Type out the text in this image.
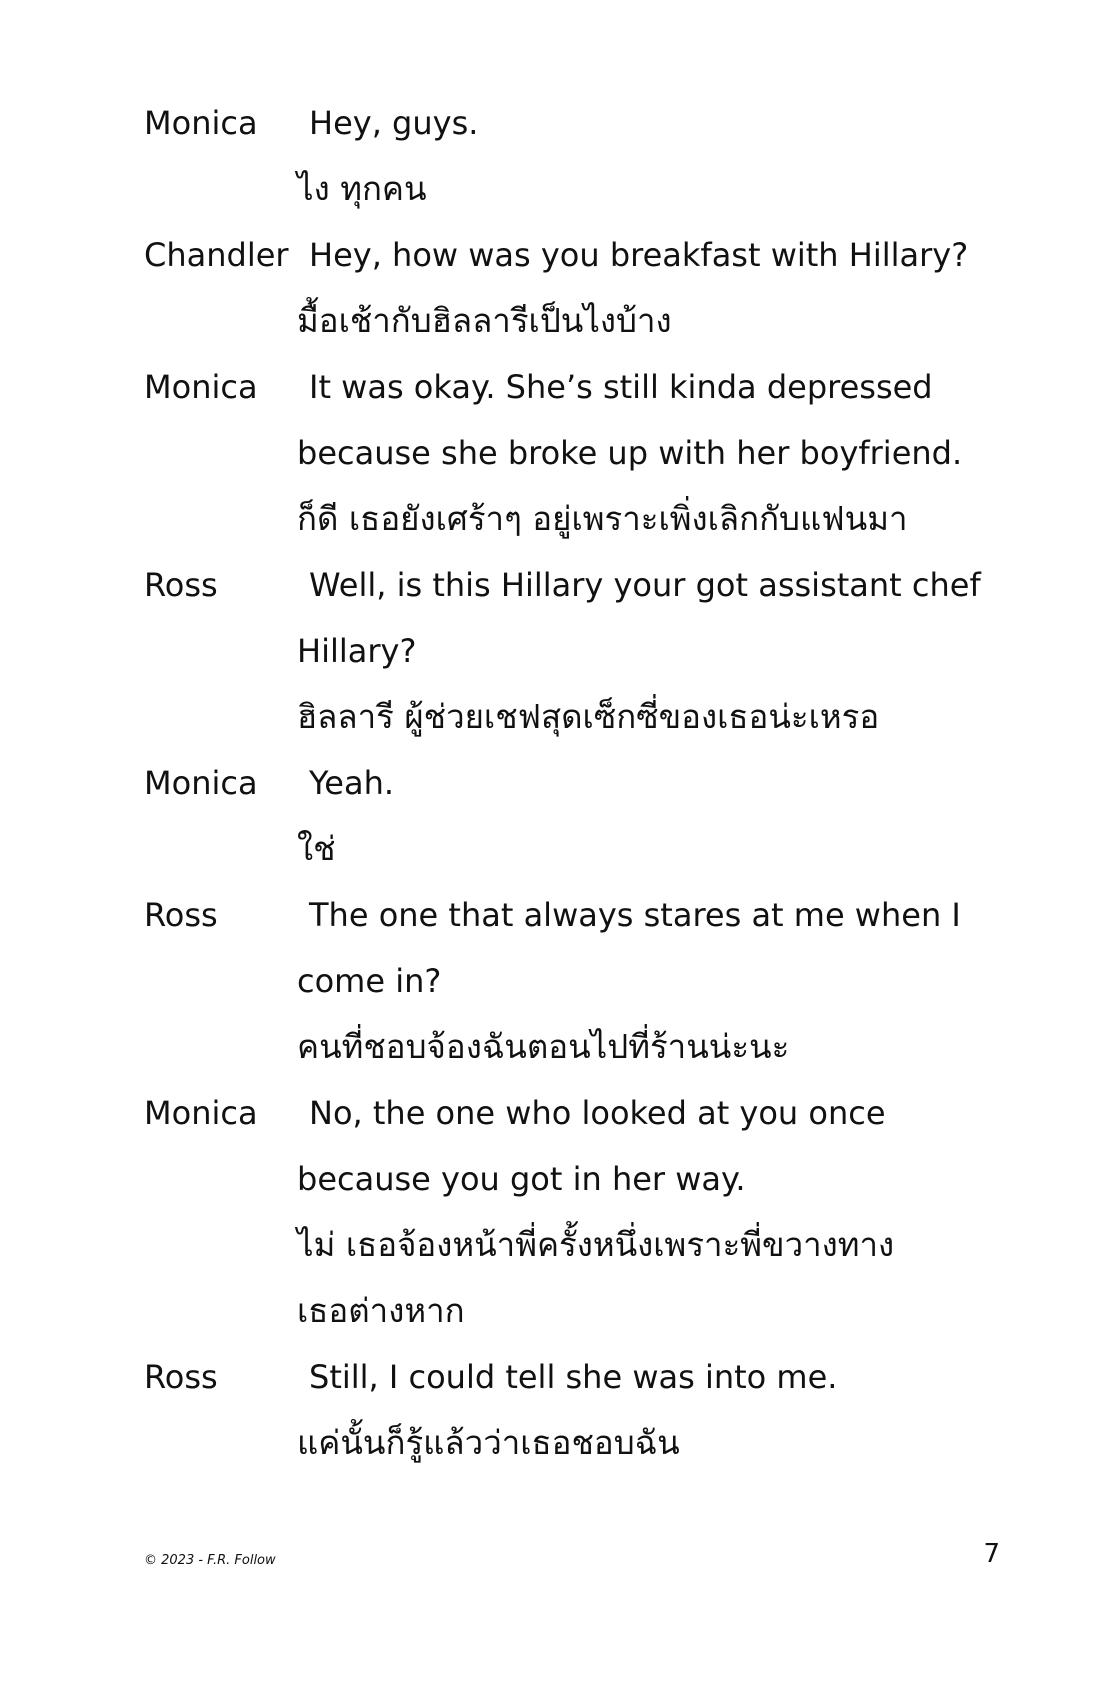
Monica Hey, guys.
ไง ทุกคน
Chandler Hey, how was you breakfast with Hillary?
มื้อเช้ากับฮิลลารีเป็นไงบ้าง
Monica It was okay. She’s still kinda depressed
because she broke up with her boyfriend.
ก็ดี เธอยังเศร้าๆ อยู่เพราะเพิ่งเลิกกับแฟนมา
Ross	Well, is this Hillary your got assistant chef
Hillary?
ฮิลลารี ผู้ช่วยเชฟสุดเซ็กซี่ของเธอน่ะเหรอ
Monica Yeah.
ใช่
Ross	The one that always stares at me when I
come in?
คนที่ชอบจ้องฉันตอนไปที่ร้านน่ะนะ
Monica No, the one who looked at you once
because you got in her way.
ไม่ เธอจ้องหน้าพี่ครั้งหนึ่งเพราะพี่ขวางทาง
เธอต่างหาก
Ross	Still, I could tell she was into me.
แค่นั้นก็รู้แล้วว่าเธอชอบฉัน
© 2023 - F.R. Follow	7
